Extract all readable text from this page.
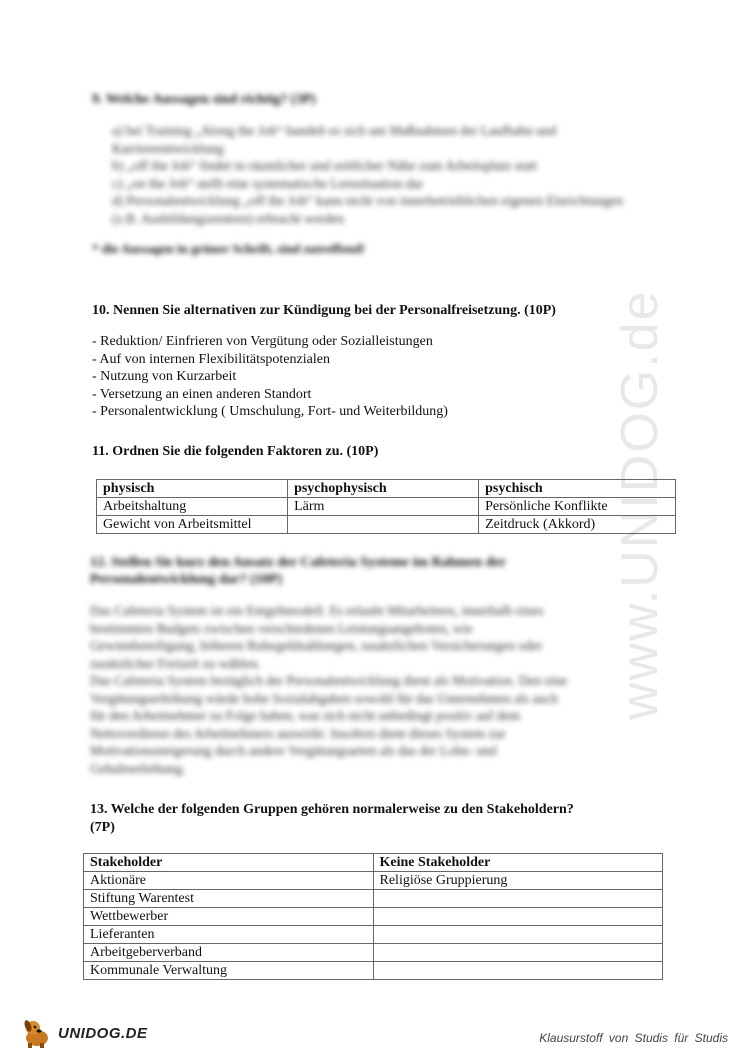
www.UNIDOG.de
9. Welche Aussagen sind richtig? (3P)
a) bei Training „Along the Job“ handelt es sich um Maßnahmen der Laufbahn und Karriereentwicklung
b) „off the Job“ findet in räumlicher und zeitlicher Nähe zum Arbeitsplatz statt
c) „on the Job“ stellt eine systematische Lernsituation dar
d) Personalentwicklung „off the Job“ kann nicht von innerbetrieblichen eigenen Einrichtungen (z.B. Ausbildungszentren) erbracht werden
* die Aussagen in grüner Schrift, sind zutreffend!
10. Nennen Sie alternativen zur Kündigung bei der Personalfreisetzung. (10P)
- Reduktion/ Einfrieren von Vergütung oder Sozialleistungen
- Auf von internen Flexibilitätspotenzialen
- Nutzung von Kurzarbeit
- Versetzung an einen anderen Standort
- Personalentwicklung ( Umschulung, Fort- und Weiterbildung)
11. Ordnen Sie die folgenden Faktoren zu. (10P)
physisch	psychophysisch	psychisch
Arbeitshaltung	Lärm	Persönliche Konflikte
Gewicht von Arbeitsmittel		Zeitdruck (Akkord)
12. Stellen Sie kurz den Ansatz der Cafeteria Systeme im Rahmen der
Personalentwicklung dar? (10P)
Das Cafeteria System ist ein Entgeltmodell. Es erlaubt Mitarbeitern, innerhalb eines
bestimmten Budgets zwischen verschiedenen Leistungsangeboten, wie
Gewinnbeteiligung, höheren Ruhegeldzahlungen, zusätzlichen Versicherungen oder
zusätzlicher Freizeit zu wählen.
Das Cafeteria System bezüglich der Personalentwicklung dient als Motivation. Den eine
Vergütungserhöhung würde hohe Sozialabgaben sowohl für das Unternehmen als auch
für den Arbeitnehmer zu Folge haben, was sich nicht unbedingt positiv auf dem
Nettoverdienst des Arbeitnehmers auswirkt. Insofern dient dieses System zur
Motivationssteigerung durch andere Vergütungsarten als das der Lohn- und
Gehaltserhöhung.
13. Welche der folgenden Gruppen gehören normalerweise zu den Stakeholdern?
(7P)
Stakeholder	Keine Stakeholder
Aktionäre	Religiöse Gruppierung
Stiftung Warentest	
Wettbewerber	
Lieferanten	
Arbeitgeberverband	
Kommunale Verwaltung	
UNIDOG.DE	Klausurstoff von Studis für Studis
